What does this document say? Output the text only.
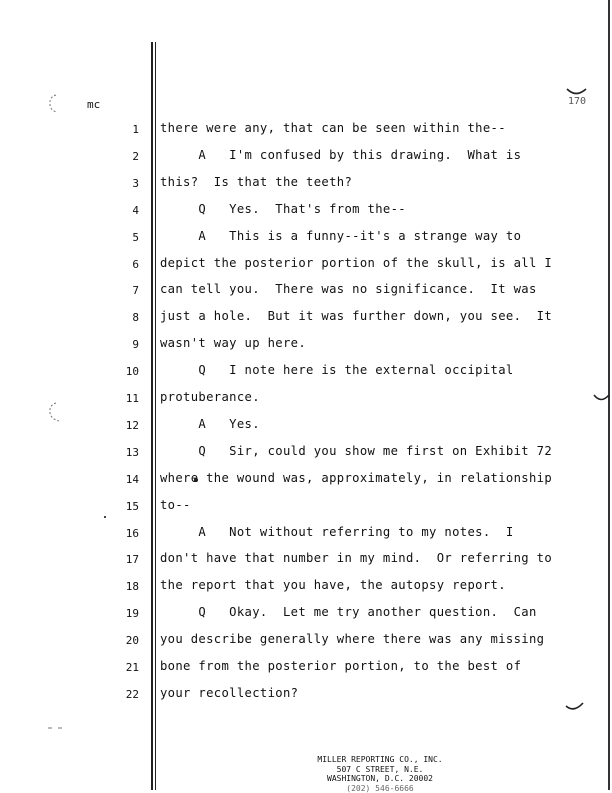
mc	170
1 there were any, that can be seen within the--
2 A   I'm confused by this drawing.  What is
3 this?  Is that the teeth?
4 Q   Yes.  That's from the--
5 A   This is a funny--it's a strange way to
6 depict the posterior portion of the skull, is all I
7 can tell you.  There was no significance.  It was
8 just a hole.  But it was further down, you see.  It
9 wasn't way up here.
10 Q   I note here is the external occipital
11 protuberance.
12 A   Yes.
13 Q   Sir, could you show me first on Exhibit 72
14 where the wound was, approximately, in relationship
15 to--
16 A   Not without referring to my notes.  I
17 don't have that number in my mind.  Or referring to
18 the report that you have, the autopsy report.
19 Q   Okay.  Let me try another question.  Can
20 you describe generally where there was any missing
21 bone from the posterior portion, to the best of
22 your recollection?
MILLER REPORTING CO., INC.
507 C STREET, N.E.
WASHINGTON, D.C. 20002
(202) 546-6666
